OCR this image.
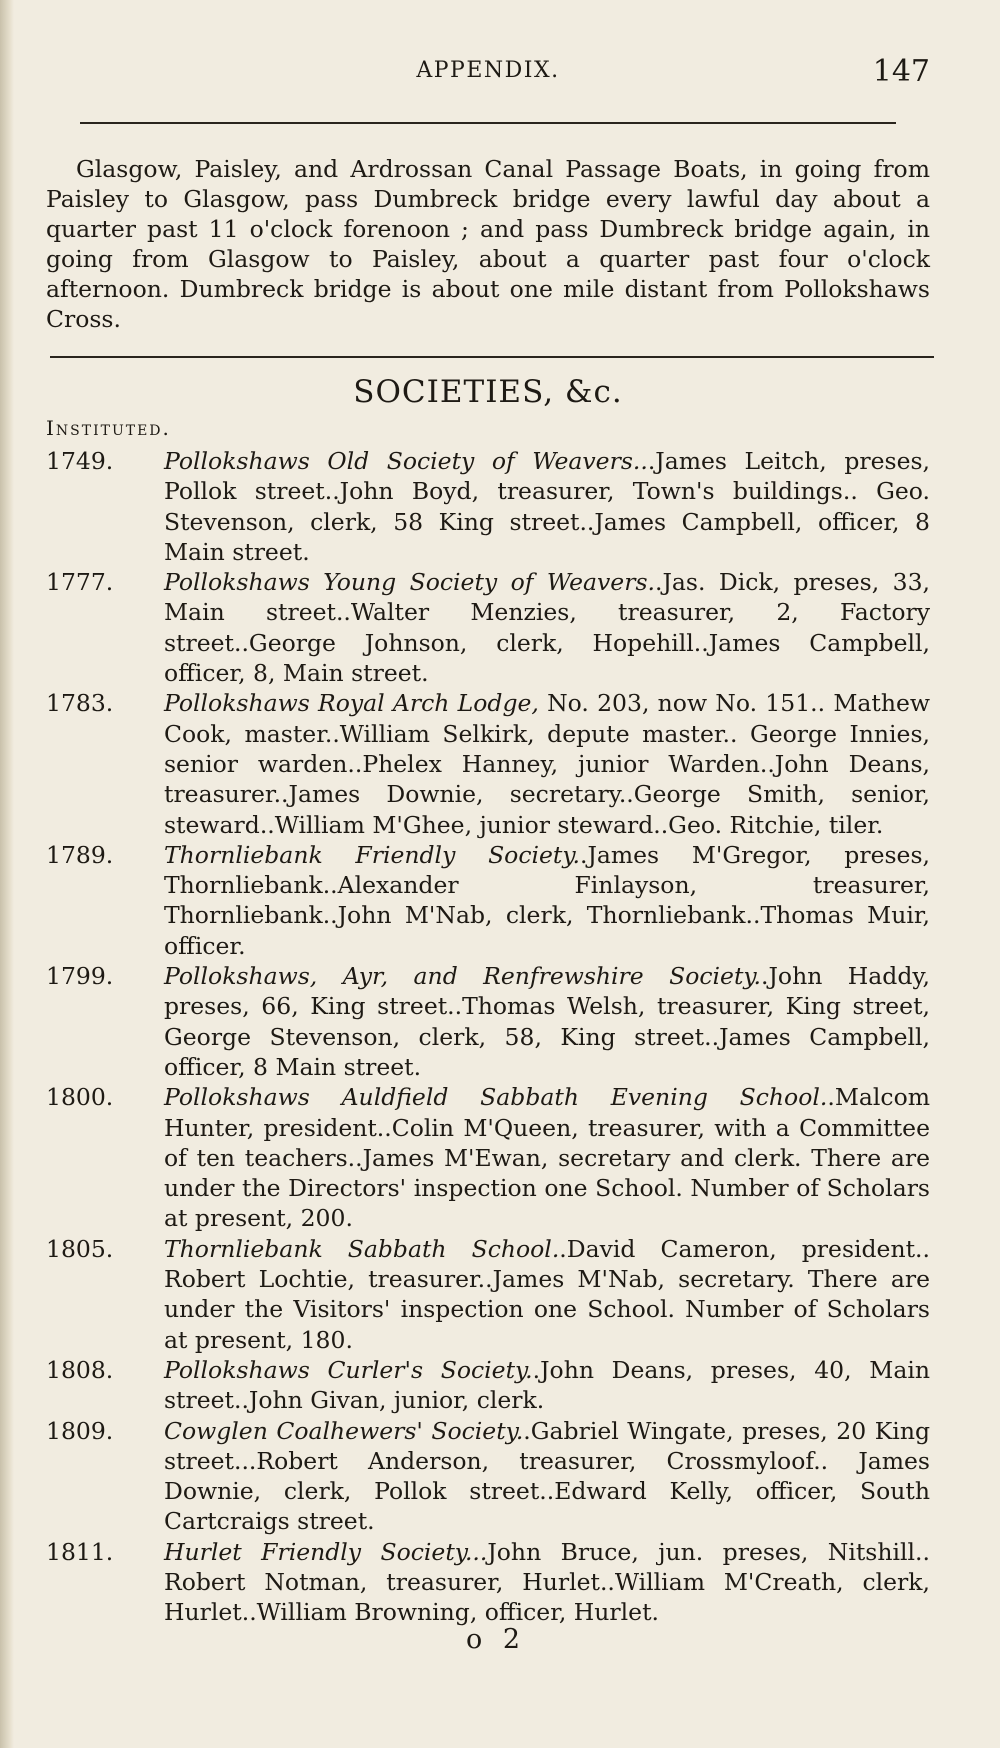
APPENDIX.	147
Glasgow, Paisley, and Ardrossan Canal Passage Boats, in going from Paisley to Glasgow, pass Dumbreck bridge every lawful day about a quarter past 11 o'clock forenoon ; and pass Dumbreck bridge again, in going from Glasgow to Paisley, about a quarter past four o'clock afternoon. Dumbreck bridge is about one mile distant from Pollokshaws Cross.
SOCIETIES, &c.
Instituted.
1749. Pollokshaws Old Society of Weavers...James Leitch, preses, Pollok street..John Boyd, treasurer, Town's buildings.. Geo. Stevenson, clerk, 58 King street..James Campbell, officer, 8 Main street.
1777. Pollokshaws Young Society of Weavers..Jas. Dick, preses, 33, Main street..Walter Menzies, treasurer, 2, Factory street..George Johnson, clerk, Hopehill..James Campbell, officer, 8, Main street.
1783. Pollokshaws Royal Arch Lodge, No. 203, now No. 151.. Mathew Cook, master..William Selkirk, depute master.. George Innies, senior warden..Phelex Hanney, junior Warden..John Deans, treasurer..James Downie, secretary..George Smith, senior, steward..William M'Ghee, junior steward..Geo. Ritchie, tiler.
1789. Thornliebank Friendly Society..James M'Gregor, preses, Thornliebank..Alexander Finlayson, treasurer, Thornliebank..John M'Nab, clerk, Thornliebank..Thomas Muir, officer.
1799. Pollokshaws, Ayr, and Renfrewshire Society..John Haddy, preses, 66, King street..Thomas Welsh, treasurer, King street, George Stevenson, clerk, 58, King street..James Campbell, officer, 8 Main street.
1800. Pollokshaws Auldfield Sabbath Evening School..Malcom Hunter, president..Colin M'Queen, treasurer, with a Committee of ten teachers..James M'Ewan, secretary and clerk. There are under the Directors' inspection one School. Number of Scholars at present, 200.
1805. Thornliebank Sabbath School..David Cameron, president.. Robert Lochtie, treasurer..James M'Nab, secretary. There are under the Visitors' inspection one School. Number of Scholars at present, 180.
1808. Pollokshaws Curler's Society..John Deans, preses, 40, Main street..John Givan, junior, clerk.
1809. Cowglen Coalhewers' Society..Gabriel Wingate, preses, 20 King street...Robert Anderson, treasurer, Crossmyloof.. James Downie, clerk, Pollok street..Edward Kelly, officer, South Cartcraigs street.
1811. Hurlet Friendly Society...John Bruce, jun. preses, Nitshill.. Robert Notman, treasurer, Hurlet..William M'Creath, clerk, Hurlet..William Browning, officer, Hurlet.
o 2
